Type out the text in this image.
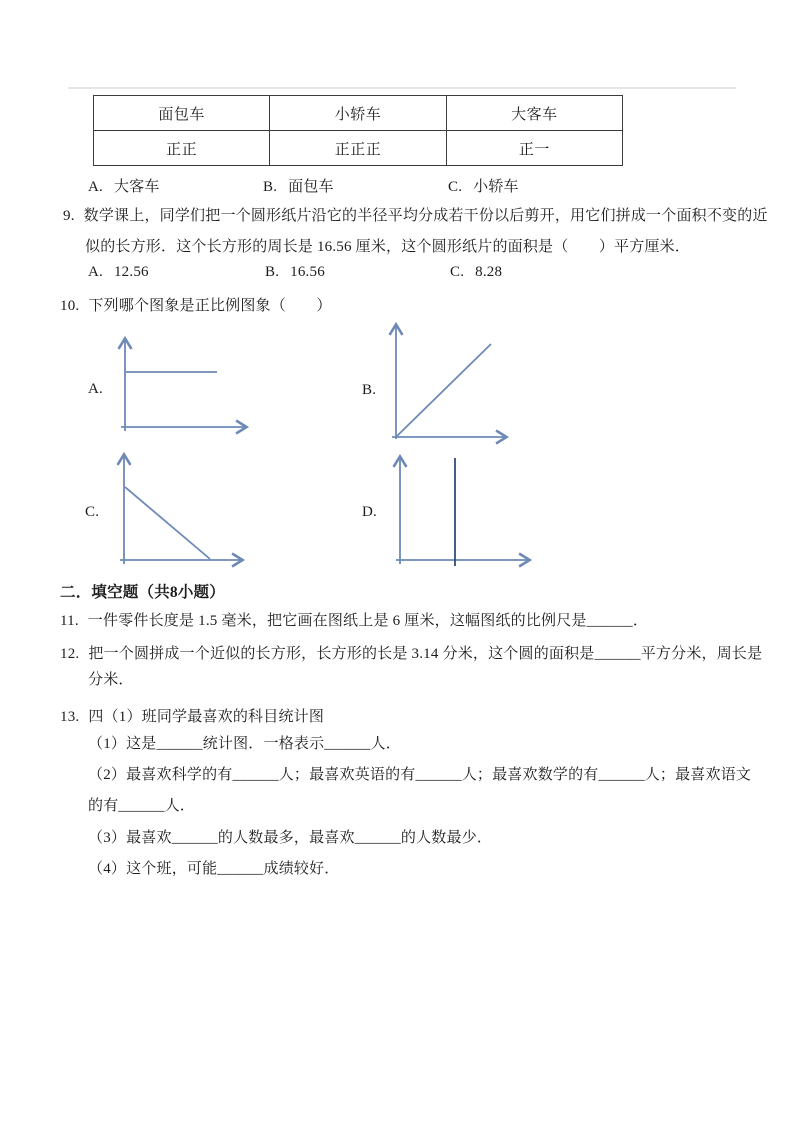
面包车	小轿车	大客车
正正	正正正	正一
A. 大客车	B. 面包车	C. 小轿车
9. 数学课上，同学们把一个圆形纸片沿它的半径平均分成若干份以后剪开，用它们拼成一个面积不变的近
似的长方形．这个长方形的周长是 16.56 厘米，这个圆形纸片的面积是（　　）平方厘米．
A. 12.56	B. 16.56	C. 8.28
10. 下列哪个图象是正比例图象（　　）
A.	B.
C.	D.
二．填空题（共8小题）
11. 一件零件长度是 1.5 毫米，把它画在图纸上是 6 厘米，这幅图纸的比例尺是______．
12. 把一个圆拼成一个近似的长方形，长方形的长是 3.14 分米，这个圆的面积是______平方分米，周长是
分米．
13. 四（1）班同学最喜欢的科目统计图
（1）这是______统计图．一格表示______人．
（2）最喜欢科学的有______人；最喜欢英语的有______人；最喜欢数学的有______人；最喜欢语文
的有______人．
（3）最喜欢______的人数最多，最喜欢______的人数最少．
（4）这个班，可能______成绩较好．
